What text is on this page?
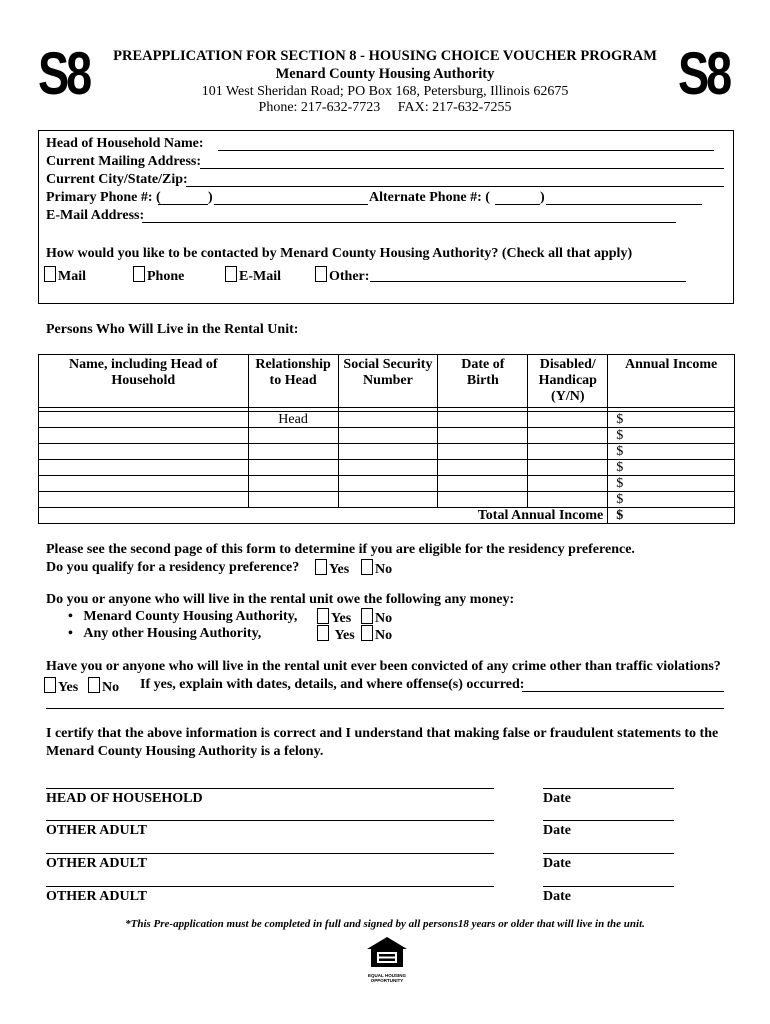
S8	S8
PREAPPLICATION FOR SECTION 8 - HOUSING CHOICE VOUCHER PROGRAM
Menard County Housing Authority
101 West Sheridan Road; PO Box 168, Petersburg, Illinois 62675
Phone: 217-632-7723     FAX: 217-632-7255
Head of Household Name:
Current Mailing Address:
Current City/State/Zip:
Primary Phone #: (	)	Alternate Phone #: (	)
E-Mail Address:
How would you like to be contacted by Menard County Housing Authority? (Check all that apply)
Mail	Phone	E-Mail	Other:
Persons Who Will Live in the Rental Unit:
Name, including Head of Household	Relationship to Head	Social Security Number	Date of Birth	Disabled/ Handicap (Y/N)	Annual Income

	Head				$
					$
					$
					$
					$
					$
Total Annual Income					$
Please see the second page of this form to determine if you are eligible for the residency preference.
Do you qualify for a residency preference?	Yes	No
Do you or anyone who will live in the rental unit owe the following any money:
•   Menard County Housing Authority,	Yes	No
•   Any other Housing Authority,	Yes	No
Have you or anyone who will live in the rental unit ever been convicted of any crime other than traffic violations?
Yes	No If yes, explain with dates, details, and where offense(s) occurred:
I certify that the above information is correct and I understand that making false or fraudulent statements to the Menard County Housing Authority is a felony.
HEAD OF HOUSEHOLD	Date
OTHER ADULT	Date
OTHER ADULT	Date
OTHER ADULT	Date
*This Pre-application must be completed in full and signed by all persons18 years or older that will live in the unit.
EQUAL HOUSING OPPORTUNITY
